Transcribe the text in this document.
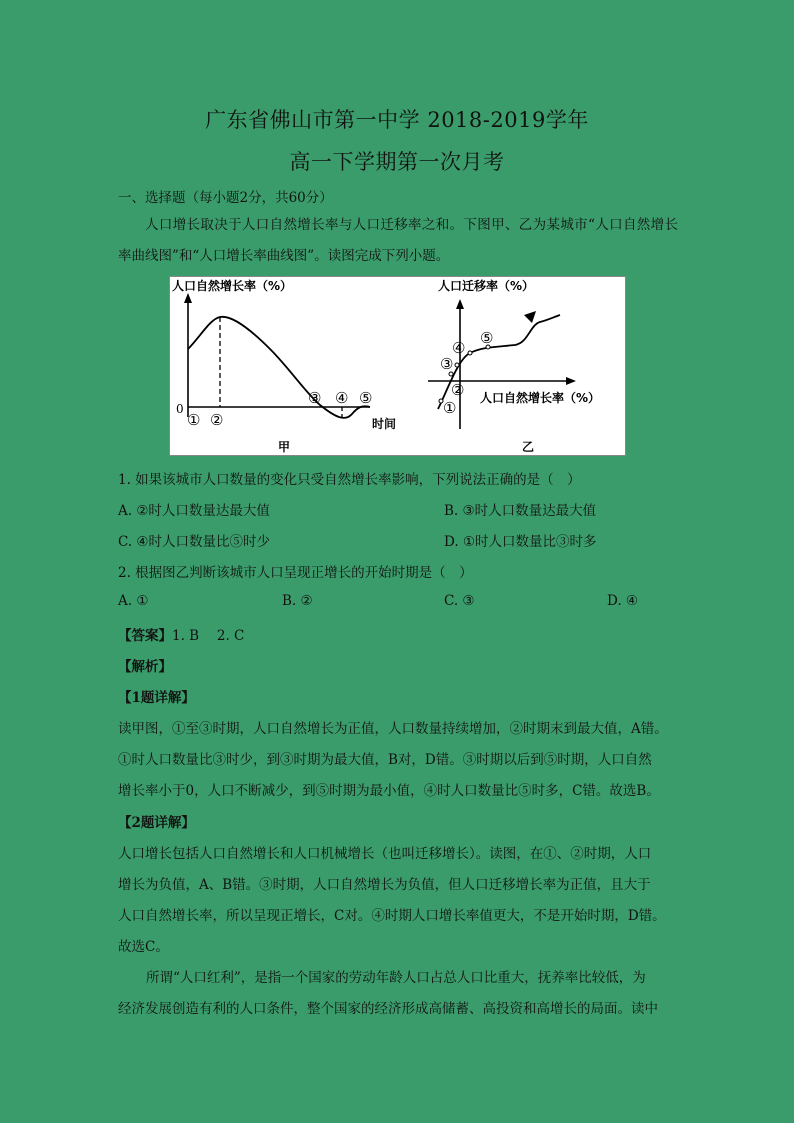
广东省佛山市第一中学 2018-2019学年
高一下学期第一次月考
一、选择题（每小题2分，共60分）
人口增长取决于人口自然增长率与人口迁移率之和。下图甲、乙为某城市“人口自然增长率曲线图”和“人口增长率曲线图”。读图完成下列小题。
人口自然增长率（%）
0
① ②
③ ④ ⑤
时间
甲
人口迁移率（%）
①
②
③
④
⑤
人口自然增长率（%）
乙
1. 如果该城市人口数量的变化只受自然增长率影响，下列说法正确的是（　）
A. ②时人口数量达最大值	B. ③时人口数量达最大值
C. ④时人口数量比⑤时少	D. ①时人口数量比③时多
2. 根据图乙判断该城市人口呈现正增长的开始时期是（　）
A. ①	B. ②	C. ③	D. ④
【答案】1. B　 2. C
【解析】
【1题详解】
读甲图，①至③时期，人口自然增长为正值，人口数量持续增加，②时期末到最大值，A错。
①时人口数量比③时少，到③时期为最大值，B对，D错。③时期以后到⑤时期，人口自然
增长率小于0，人口不断减少，到⑤时期为最小值，④时人口数量比⑤时多，C错。故选B。
【2题详解】
人口增长包括人口自然增长和人口机械增长（也叫迁移增长）。读图，在①、②时期，人口
增长为负值，A、B错。③时期，人口自然增长为负值，但人口迁移增长率为正值，且大于
人口自然增长率，所以呈现正增长，C对。④时期人口增长率值更大，不是开始时期，D错。
故选C。
所谓“人口红利”，是指一个国家的劳动年龄人口占总人口比重大，抚养率比较低，为
经济发展创造有利的人口条件，整个国家的经济形成高储蓄、高投资和高增长的局面。读中
